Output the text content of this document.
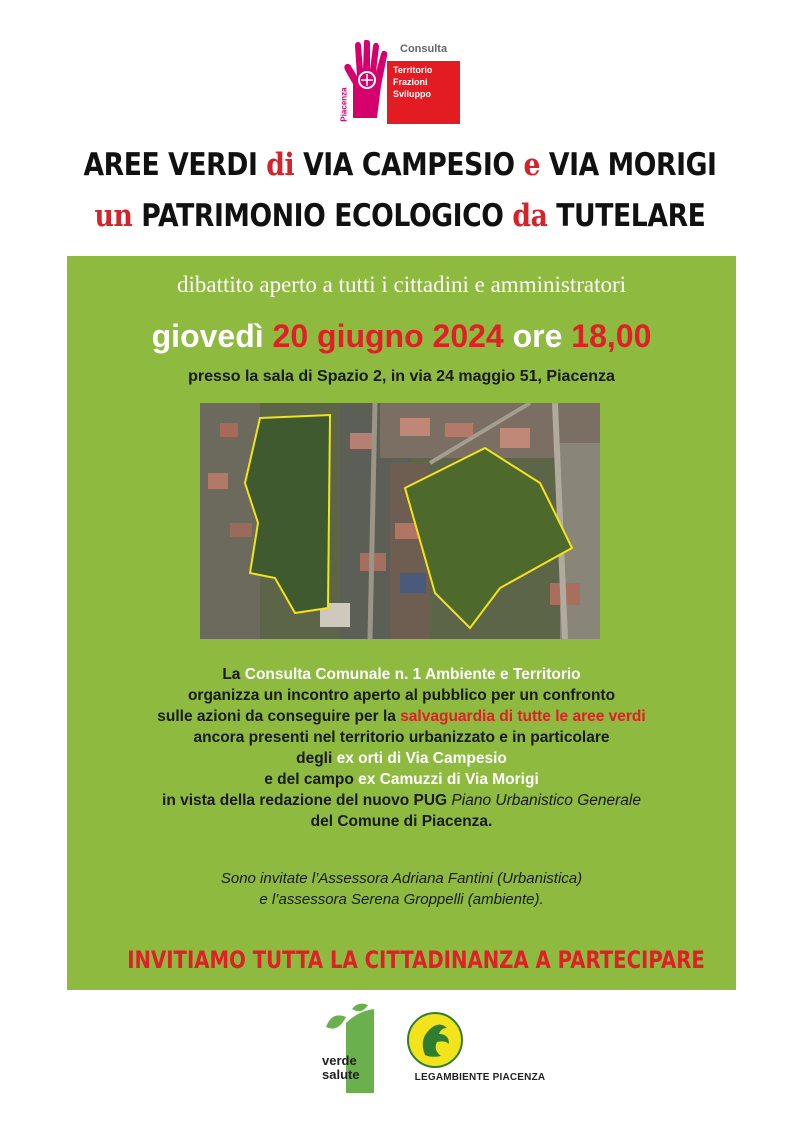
Consulta
Territorio
Frazioni
Sviluppo
Piacenza
AREE VERDI di VIA CAMPESIO e VIA MORIGI
un PATRIMONIO ECOLOGICO da TUTELARE
dibattito aperto a tutti i cittadini e amministratori
giovedì 20 giugno 2024 ore 18,00
presso la sala di Spazio 2, in via 24 maggio 51, Piacenza
La Consulta Comunale n. 1 Ambiente e Territorio
organizza un incontro aperto al pubblico per un confronto
sulle azioni da conseguire per la salvaguardia di tutte le aree verdi
ancora presenti nel territorio urbanizzato e in particolare
degli ex orti di Via Campesio
e del campo ex Camuzzi di Via Morigi
in vista della redazione del nuovo PUG Piano Urbanistico Generale
del Comune di Piacenza.
Sono invitate l’Assessora Adriana Fantini (Urbanistica)
e l’assessora Serena Groppelli (ambiente).
INVITIAMO TUTTA LA CITTADINANZA A PARTECIPARE
verde
salute
COMITATO
LEGAMBIENTE PIACENZA
